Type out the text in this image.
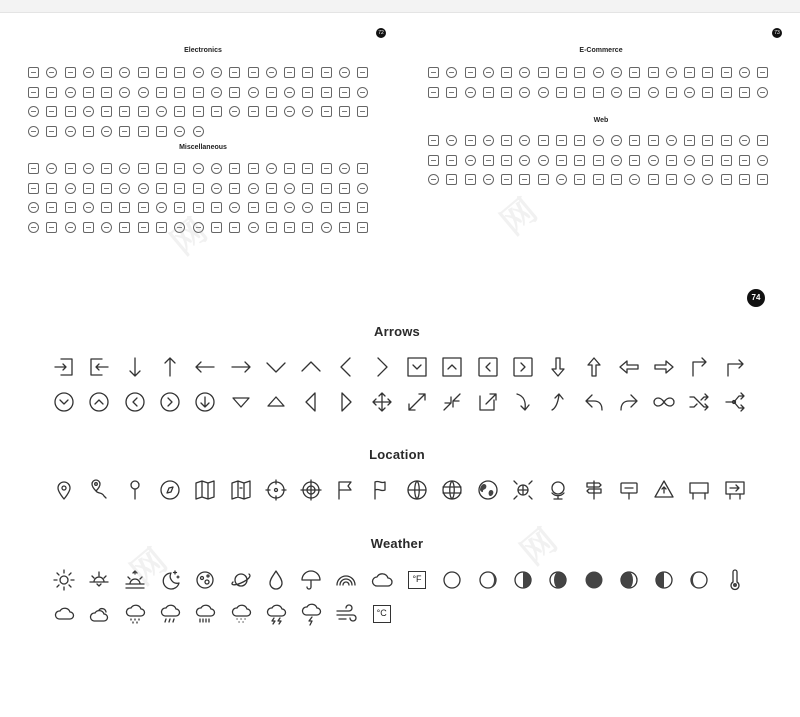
72
Electronics
Miscellaneous
73
E-Commerce
Web
74
Arrows
Location
Weather
°F
°C
网	网
